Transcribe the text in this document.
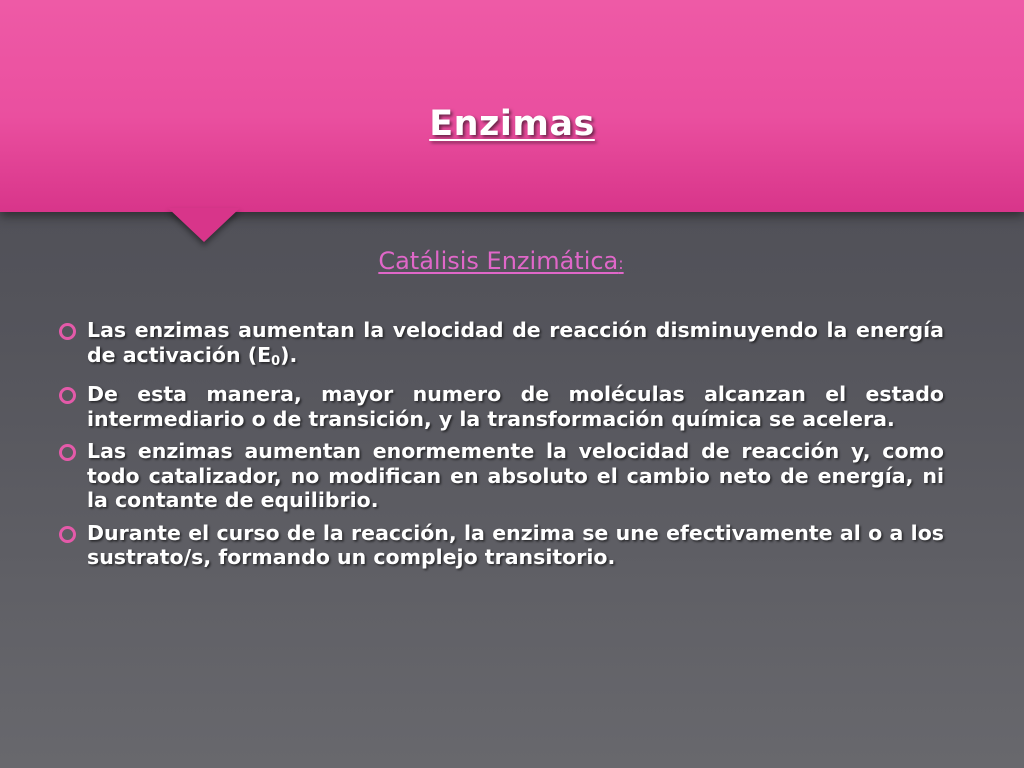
Enzimas
Catálisis Enzimática:
Las enzimas aumentan la velocidad de reacción disminuyendo la energía de activación $(E_0)$.
De esta manera, mayor numero de moléculas alcanzan el estado intermediario o de transición, y la transformación química se acelera.
Las enzimas aumentan enormemente la velocidad de reacción y, como todo catalizador, no modifican en absoluto el cambio neto de energía, ni la contante de equilibrio.
Durante el curso de la reacción, la enzima se une efectivamente al o a los sustrato/s, formando un complejo transitorio.
